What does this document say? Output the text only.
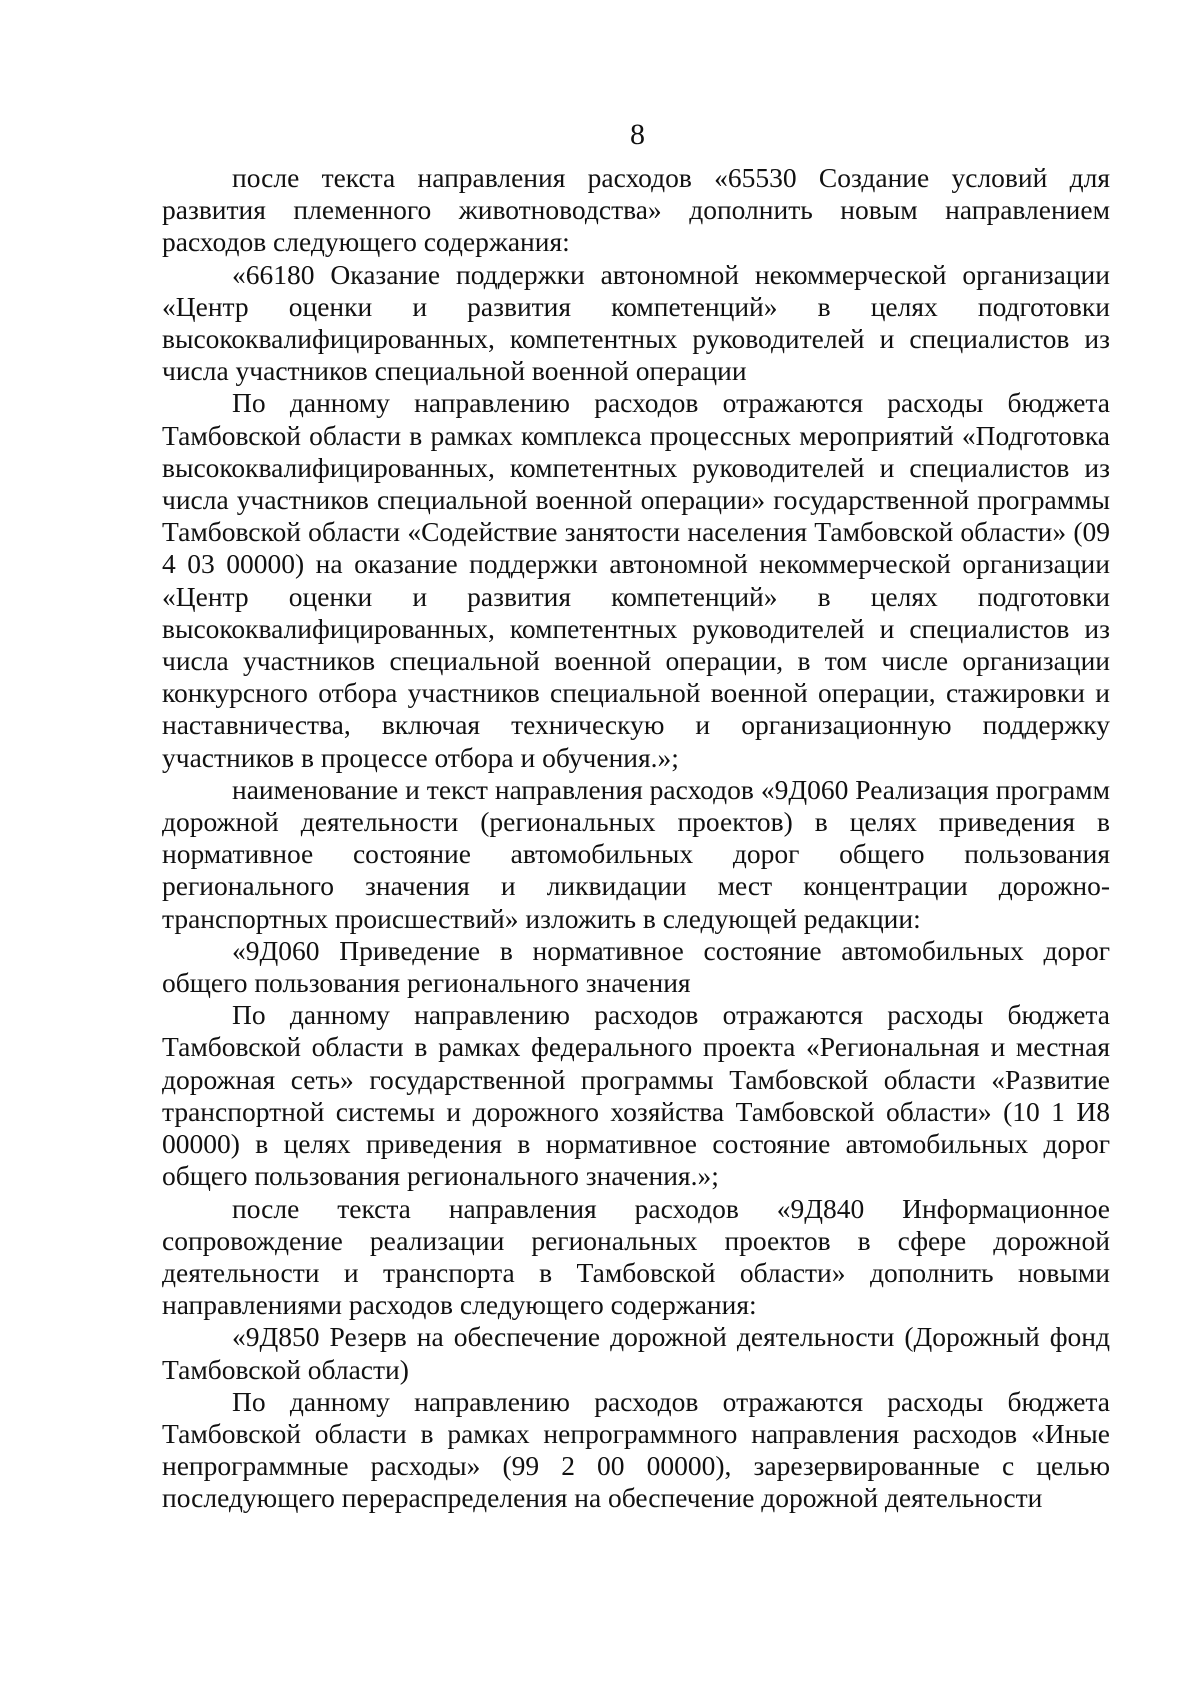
8

после текста направления расходов «65530 Создание условий для развития племенного животноводства» дополнить новым направлением расходов следующего содержания:

«66180 Оказание поддержки автономной некоммерческой организации «Центр оценки и развития компетенций» в целях подготовки высококвалифицированных, компетентных руководителей и специалистов из числа участников специальной военной операции

По данному направлению расходов отражаются расходы бюджета Тамбовской области в рамках комплекса процессных мероприятий «Подготовка высококвалифицированных, компетентных руководителей и специалистов из числа участников специальной военной операции» государственной программы Тамбовской области «Содействие занятости населения Тамбовской области» (09 4 03 00000) на оказание поддержки автономной некоммерческой организации «Центр оценки и развития компетенций» в целях подготовки высококвалифицированных, компетентных руководителей и специалистов из числа участников специальной военной операции, в том числе организации конкурсного отбора участников специальной военной операции, стажировки и наставничества, включая техническую и организационную поддержку участников в процессе отбора и обучения.»;

наименование и текст направления расходов «9Д060 Реализация программ дорожной деятельности (региональных проектов) в целях приведения в нормативное состояние автомобильных дорог общего пользования регионального значения и ликвидации мест концентрации дорожно-транспортных происшествий» изложить в следующей редакции:

«9Д060 Приведение в нормативное состояние автомобильных дорог общего пользования регионального значения

По данному направлению расходов отражаются расходы бюджета Тамбовской области в рамках федерального проекта «Региональная и местная дорожная сеть» государственной программы Тамбовской области «Развитие транспортной системы и дорожного хозяйства Тамбовской области» (10 1 И8 00000) в целях приведения в нормативное состояние автомобильных дорог общего пользования регионального значения.»;

после текста направления расходов «9Д840 Информационное сопровождение реализации региональных проектов в сфере дорожной деятельности и транспорта в Тамбовской области» дополнить новыми направлениями расходов следующего содержания:

«9Д850 Резерв на обеспечение дорожной деятельности (Дорожный фонд Тамбовской области)

По данному направлению расходов отражаются расходы бюджета Тамбовской области в рамках непрограммного направления расходов «Иные непрограммные расходы» (99 2 00 00000), зарезервированные с целью последующего перераспределения на обеспечение дорожной деятельности
